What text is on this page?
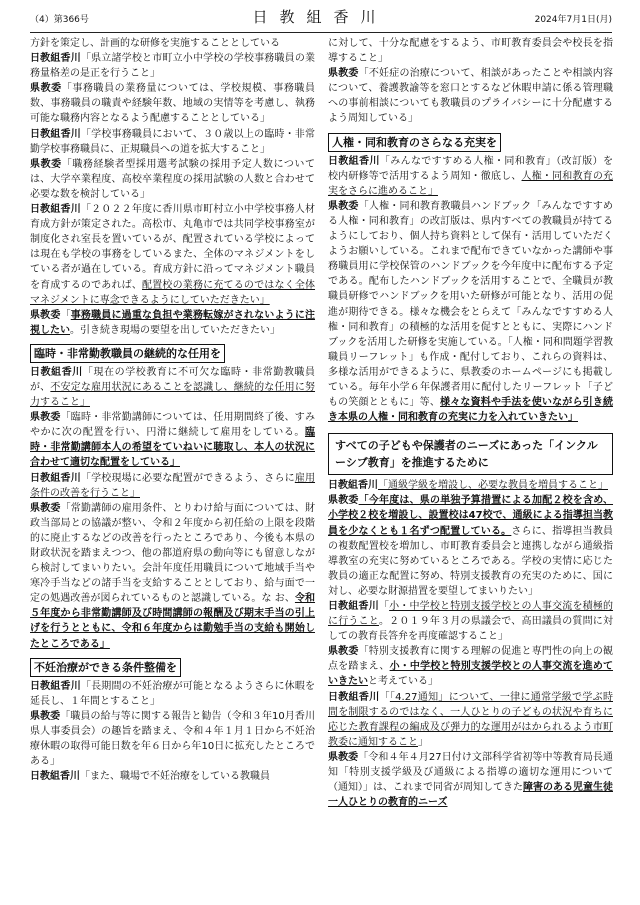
（4）第366号	日教組香川	2024年7月1日(月)

方針を策定し、計画的な研修を実施することとしている

日教組香川「県立諸学校と市町立小中学校の学校事務職員の業務量格差の是正を行うこと」

県教委「事務職員の業務量については、学校規模、事務職員数、事務職員の職責や経験年数、地域の実情等を考慮し、執務可能な職務内容となるよう配慮することとしている」

日教組香川「学校事務職員において、３０歳以上の臨時・非常勤学校事務職員に、正規職員への道を拡大すること」

県教委「職務経験者型採用選考試験の採用予定人数については、大学卒業程度、高校卒業程度の採用試験の人数と合わせて必要な数を検討している」

日教組香川「２０２２年度に香川県市町村立小中学校事務人材育成方針が策定された。高松市、丸亀市では共同学校事務室が制度化され室長を置いているが、配置されている学校によっては現在も学校の事務をしているまた、全体のマネジメントをしている者が過在している。育成方針に沿ってマネジメント職員を育成するのであれば、配置校の業務に充てるのではなく全体マネジメントに専念できるようにしていただきたい」

県教委「事務職員に過重な負担や業務転嫁がされないように注視したい。引き続き現場の要望を出していただきたい」

臨時・非常勤教職員の継続的な任用を

日教組香川「現在の学校教育に不可欠な臨時・非常勤教職員が、不安定な雇用状況にあることを認識し、継続的な任用に努力すること」

県教委「臨時・非常勤講師については、任用期間終了後、すみやかに次の配置を行い、円滑に継続して雇用をしている。臨時・非常勤講師本人の希望をていねいに聴取し、本人の状況に合わせて適切な配置をしている」

日教組香川「学校現場に必要な配置ができるよう、さらに雇用条件の改善を行うこと」

県教委「常勤講師の雇用条件、とりわけ給与面については、財政当部局との協議が整い、令和２年度から初任給の上限を段階的に廃止するなどの改善を行ったところであり、今後も本県の財政状況を踏まえつつ、他の都道府県の動向等にも留意しながら検討してまいりたい。会計年度任用職員について地域手当や寒冷手当などの諸手当を支給することとしており、給与面で一定の処遇改善が図られているものと認識している。な お、令和５年度から非常勤講師及び時間講師の報酬及び期末手当の引上げを行うとともに、令和６年度からは勤勉手当の支給も開始したところである」

不妊治療ができる条件整備を

日教組香川「長期間の不妊治療が可能となるようさらに休暇を延長し、１年間とすること」

県教委「職員の給与等に関する報告と勧告（令和３年10月香川県人事委員会）の趣旨を踏まえ、令和４年１月１日から不妊治療休暇の取得可能日数を年６日から年10日に拡充したところである」

日教組香川「また、職場で不妊治療をしている教職員

に対して、十分な配慮をするよう、市町教育委員会や校長を指導すること」

県教委「不妊症の治療について、相談があったことや相談内容について、養護教諭等を窓口とするなど休暇申請に係る管理職への事前相談についても教職員のプライバシーに十分配慮するよう周知している」

人権・同和教育のさらなる充実を

日教組香川「みんなですすめる人権・同和教育」（改訂版）を校内研修等で活用するよう周知・徹底し、人権・同和教育の充実をさらに進めること」

県教委「人権・同和教育教職員ハンドブック「みんなですすめる人権・同和教育」の改訂版は、県内すべての教職員が持てるようにしており、個人持ち資料として保有・活用していただくようお願いしている。これまで配布できていなかった講師や事務職員用に学校保管のハンドブックを今年度中に配布する予定である。配布したハンドブックを活用することで、全職員が教職員研修でハンドブックを用いた研修が可能となり、活用の促進が期待できる。様々な機会をとらえて「みんなですすめる人権・同和教育」の積極的な活用を促すとともに、実際にハンドブックを活用した研修を実施している。「人権・同和問題学習教職員リーフレット」も作成・配付しており、これらの資料は、多様な活用ができるように、県教委のホームページにも掲載している。毎年小学６年保護者用に配付したリーフレット「子どもの笑顔とともに」等、様々な資料や手法を使いながら引き続き本県の人権・同和教育の充実に力を入れていきたい」

すべての子どもや保護者のニーズにあった「インクルーシブ教育」を推進するために

日教組香川「通級学級を増設し、必要な教員を増員すること」

県教委「今年度は、県の単独予算措置による加配２校を含め、小学校２校を増設し、設置校は47校で、通級による指導担当教員を少なくとも１名ずつ配置している。さらに、指導担当教員の複数配置校を増加し、市町教育委員会と連携しながら通級指導教室の充実に努めているところである。学校の実情に応じた教員の適正な配置に努め、特別支援教育の充実のために、国に対し、必要な財源措置を要望してまいりたい」

日教組香川「小・中学校と特別支援学校との人事交流を積極的に行うこと。２０１９年３月の県議会で、高田議員の質問に対しての教育長答弁を再度確認すること」

県教委「特別支援教育に関する理解の促進と専門性の向上の観点を踏まえ、小・中学校と特別支援学校との人事交流を進めていきたいと考えている」

日教組香川「「4.27通知」について、一律に通常学級で学ぶ時間を制限するのではなく、一人ひとりの子どもの状況や育ちに応じた教育課程の編成及び弾力的な運用がはかられるよう市町教委に通知すること」

県教委「令和４年４月27日付け文部科学省初等中等教育局長通知「特別支援学級及び通級による指導の適切な運用について（通知）」は、これまで同省が周知してきた障害のある児童生徒一人ひとりの教育的ニーズ
